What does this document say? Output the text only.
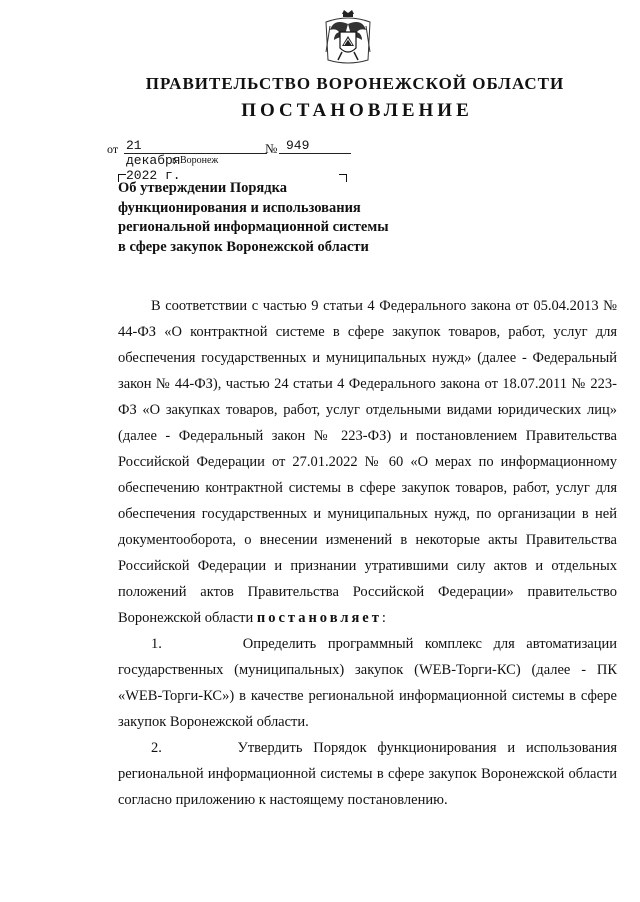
ПРАВИТЕЛЬСТВО ВОРОНЕЖСКОЙ ОБЛАСТИ
ПОСТАНОВЛЕНИЕ
от 21 декабря 2022 г.
№ 949
г. Воронеж
Об утверждении Порядка
функционирования и использования
региональной информационной системы
в сфере закупок Воронежской области

В соответствии с частью 9 статьи 4 Федерального закона от 05.04.2013 № 44-ФЗ «О контрактной системе в сфере закупок товаров, работ, услуг для обеспечения государственных и муниципальных нужд» (далее - Федеральный закон № 44-ФЗ), частью 24 статьи 4 Федерального закона от 18.07.2011 № 223-ФЗ «О закупках товаров, работ, услуг отдельными видами юридических лиц» (далее - Федеральный закон № 223-ФЗ) и постановлением Правительства Российской Федерации от 27.01.2022 № 60 «О мерах по информационному обеспечению контрактной системы в сфере закупок товаров, работ, услуг для обеспечения государственных и муниципальных нужд, по организации в ней документооборота, о внесении изменений в некоторые акты Правительства Российской Федерации и признании утратившими силу актов и отдельных положений актов Правительства Российской Федерации» правительство Воронежской области постановляет:

1.	Определить программный комплекс для автоматизации государственных (муниципальных) закупок (WEB-Торги-КС) (далее - ПК «WEB-Торги-КС») в качестве региональной информационной системы в сфере закупок Воронежской области.

2.	Утвердить Порядок функционирования и использования региональной информационной системы в сфере закупок Воронежской области согласно приложению к настоящему постановлению.
